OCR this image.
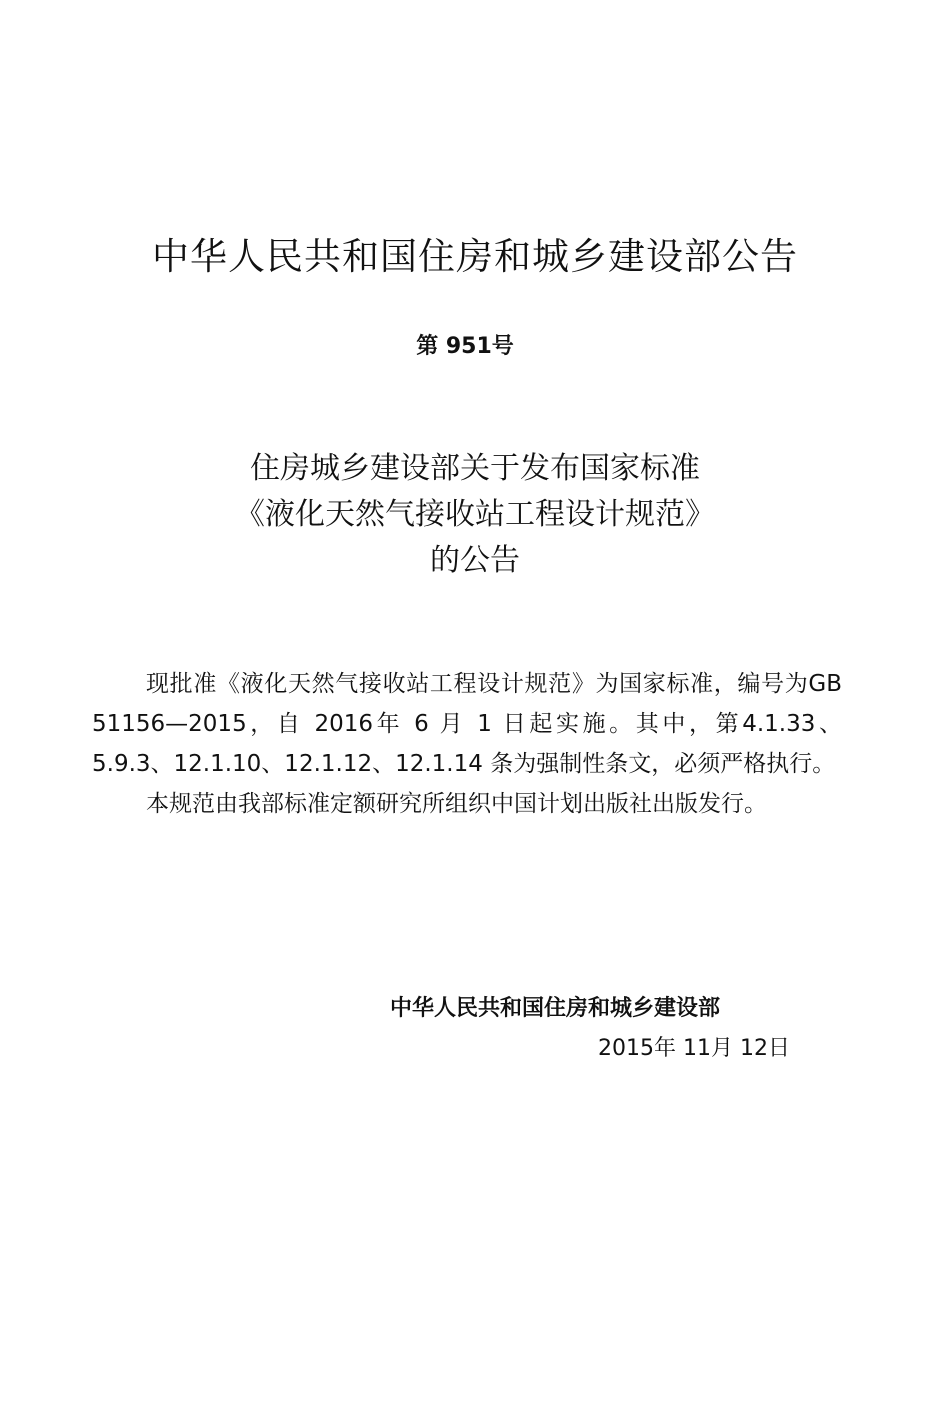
中华人民共和国住房和城乡建设部公告
第 951号
住房城乡建设部关于发布国家标准
《液化天然气接收站工程设计规范》
的公告

现批准《液化天然气接收站工程设计规范》为国家标准，编号为GB 51156—2015，自 2016年 6 月 1 日起实施。其中，第4.1.33、5.9.3、12.1.10、12.1.12、12.1.14 条为强制性条文，必须严格执行。

本规范由我部标准定额研究所组织中国计划出版社出版发行。

中华人民共和国住房和城乡建设部
2015年 11月 12日
